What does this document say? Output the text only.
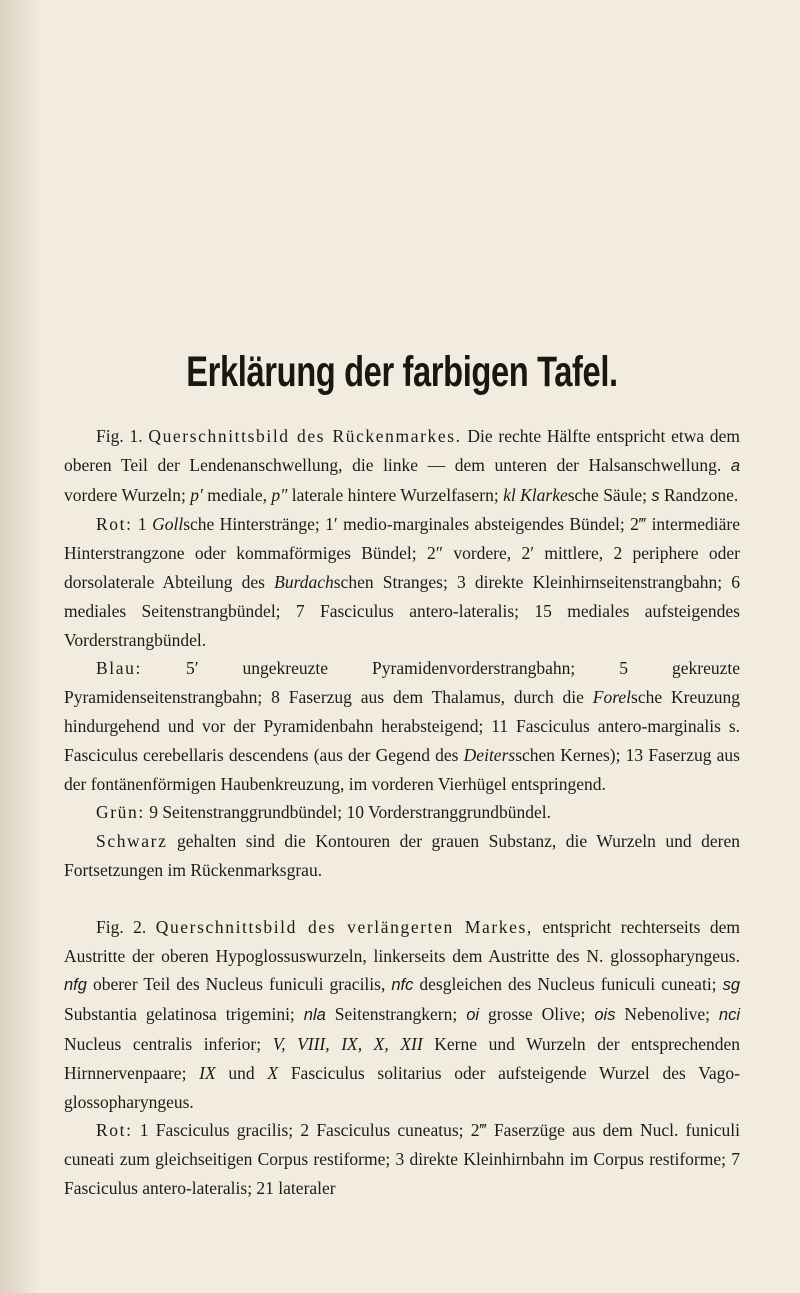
Erklärung der farbigen Tafel.

Fig. 1. Querschnittsbild des Rückenmarkes. Die rechte Hälfte entspricht etwa dem oberen Teil der Lendenanschwellung, die linke — dem unteren der Halsanschwellung. a vordere Wurzeln; p′ mediale, p″ laterale hintere Wurzelfasern; kl Klarkesche Säule; s Randzone.

Rot: 1 Gollsche Hinterstränge; 1′ medio-marginales absteigendes Bündel; 2‴ intermediäre Hinterstrangzone oder kommaförmiges Bündel; 2″ vordere, 2′ mittlere, 2 periphere oder dorsolaterale Abteilung des Burdachschen Stranges; 3 direkte Kleinhirnseitenstrangbahn; 6 mediales Seitenstrangbündel; 7 Fasciculus antero-lateralis; 15 mediales aufsteigendes Vorderstrangbündel.

Blau: 5′ ungekreuzte Pyramidenvorderstrangbahn; 5 gekreuzte Pyramidenseitenstrangbahn; 8 Faserzug aus dem Thalamus, durch die Forelsche Kreuzung hindurgehend und vor der Pyramidenbahn herabsteigend; 11 Fasciculus antero-marginalis s. Fasciculus cerebellaris descendens (aus der Gegend des Deitersschen Kernes); 13 Faserzug aus der fontänenförmigen Haubenkreuzung, im vorderen Vierhügel entspringend.

Grün: 9 Seitenstranggrundbündel; 10 Vorderstranggrundbündel.

Schwarz gehalten sind die Kontouren der grauen Substanz, die Wurzeln und deren Fortsetzungen im Rückenmarksgrau.

Fig. 2. Querschnittsbild des verlängerten Markes, entspricht rechterseits dem Austritte der oberen Hypoglossuswurzeln, linkerseits dem Austritte des N. glossopharyngeus. nfg oberer Teil des Nucleus funiculi gracilis, nfc desgleichen des Nucleus funiculi cuneati; sg Substantia gelatinosa trigemini; nla Seitenstrangkern; oi grosse Olive; ois Nebenolive; nci Nucleus centralis inferior; V, VIII, IX, X, XII Kerne und Wurzeln der entsprechenden Hirnnervenpaare; IX und X Fasciculus solitarius oder aufsteigende Wurzel des Vago-glossopharyngeus.

Rot: 1 Fasciculus gracilis; 2 Fasciculus cuneatus; 2‴ Faserzüge aus dem Nucl. funiculi cuneati zum gleichseitigen Corpus restiforme; 3 direkte Kleinhirnbahn im Corpus restiforme; 7 Fasciculus antero-lateralis; 21 lateraler
